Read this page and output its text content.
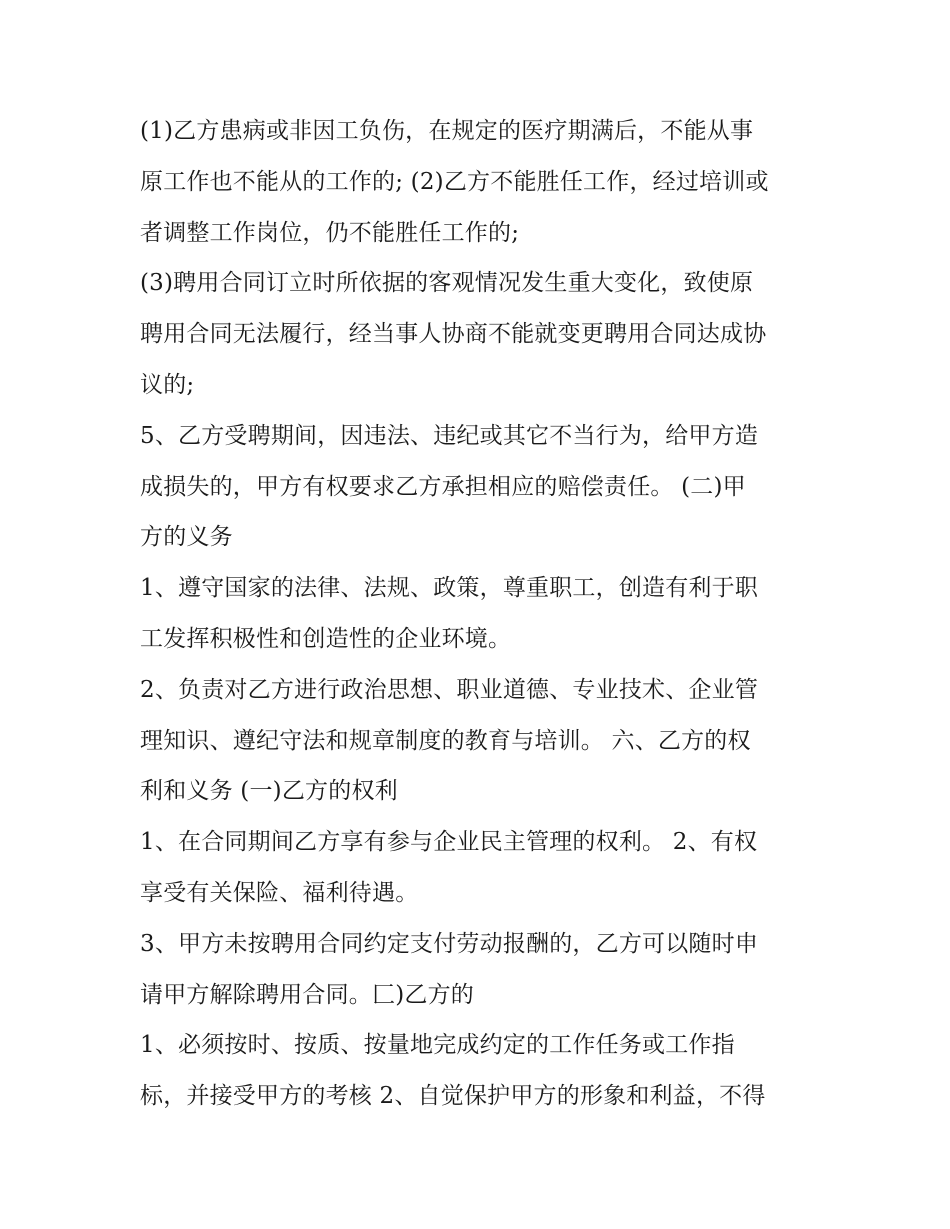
(1)乙方患病或非因工负伤，在规定的医疗期满后，不能从事
原工作也不能从的工作的; (2)乙方不能胜任工作，经过培训或
者调整工作岗位，仍不能胜任工作的;
(3)聘用合同订立时所依据的客观情况发生重大变化，致使原
聘用合同无法履行，经当事人协商不能就变更聘用合同达成协
议的;
5、乙方受聘期间，因违法、违纪或其它不当行为，给甲方造
成损失的，甲方有权要求乙方承担相应的赔偿责任。 (二)甲
方的义务
1、遵守国家的法律、法规、政策，尊重职工，创造有利于职
工发挥积极性和创造性的企业环境。
2、负责对乙方进行政治思想、职业道德、专业技术、企业管
理知识、遵纪守法和规章制度的教育与培训。 六、乙方的权
利和义务 (一)乙方的权利
1、在合同期间乙方享有参与企业民主管理的权利。 2、有权
享受有关保险、福利待遇。
3、甲方未按聘用合同约定支付劳动报酬的，乙方可以随时申
请甲方解除聘用合同。匚)乙方的
1、必须按时、按质、按量地完成约定的工作任务或工作指
标，并接受甲方的考核 2、自觉保护甲方的形象和利益，不得
